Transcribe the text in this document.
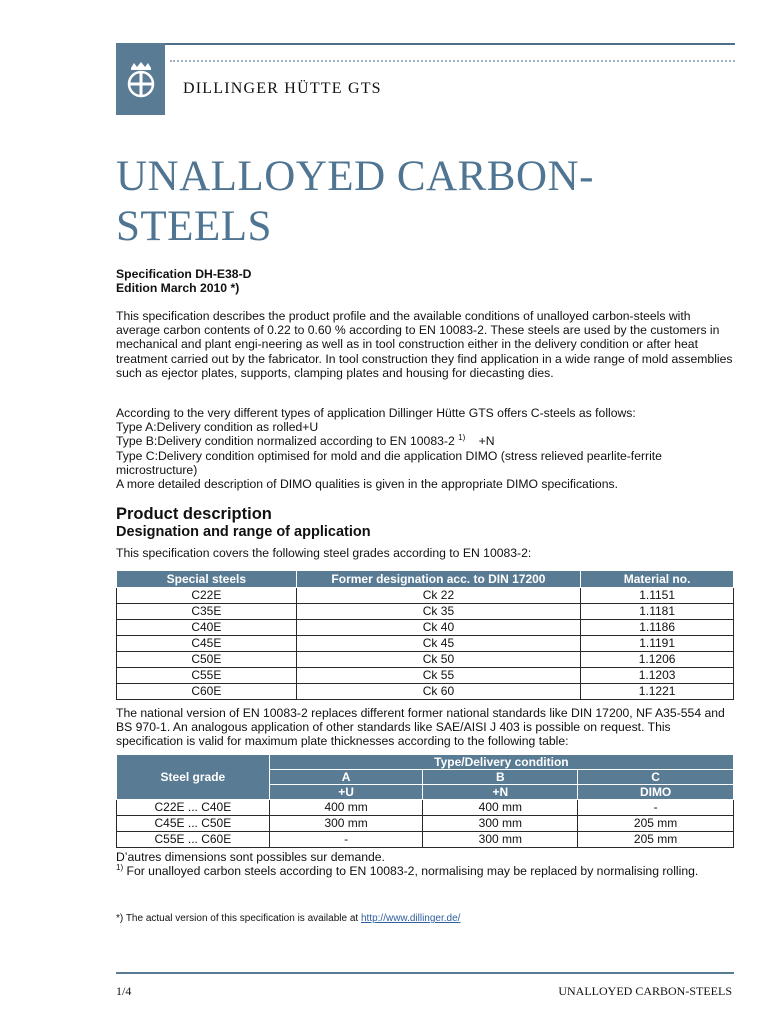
DILLINGER HÜTTE GTS
UNALLOYED CARBON-
STEELS
Specification DH-E38-D
Edition March 2010 *)
This specification describes the product profile and the available conditions of unalloyed carbon-steels with average carbon contents of 0.22 to 0.60 % according to EN 10083-2. These steels are used by the customers in mechanical and plant engi-neering as well as in tool construction either in the delivery condition or after heat treatment carried out by the fabricator. In tool construction they find application in a wide range of mold assemblies such as ejector plates, supports, clamping plates and housing for diecasting dies.
According to the very different types of application Dillinger Hütte GTS offers C-steels as follows:
Type A:Delivery condition as rolled+U
Type B:Delivery condition normalized according to EN 10083-2 $^{1)}$ +N
Type C:Delivery condition optimised for mold and die application DIMO (stress relieved pearlite-ferrite microstructure)
A more detailed description of DIMO qualities is given in the appropriate DIMO specifications.
Product description
Designation and range of application
This specification covers the following steel grades according to EN 10083-2:
Special steels	Former designation acc. to DIN 17200	Material no.
C22E	Ck 22	1.1151
C35E	Ck 35	1.1181
C40E	Ck 40	1.1186
C45E	Ck 45	1.1191
C50E	Ck 50	1.1206
C55E	Ck 55	1.1203
C60E	Ck 60	1.1221
The national version of EN 10083-2 replaces different former national standards like DIN 17200, NF A35-554 and BS 970-1. An analogous application of other standards like SAE/AISI J 403 is possible on request. This specification is valid for maximum plate thicknesses according to the following table:
Steel grade	Type/Delivery condition		
	A	B	C
	+U	+N	DIMO
C22E ... C40E	400 mm	400 mm	-
C45E ... C50E	300 mm	300 mm	205 mm
C55E ... C60E	-	300 mm	205 mm
D’autres dimensions sont possibles sur demande.
$^{1)}$ For unalloyed carbon steels according to EN 10083-2, normalising may be replaced by normalising rolling.
*) The actual version of this specification is available at http://www.dillinger.de/
1/4	UNALLOYED CARBON-STEELS
